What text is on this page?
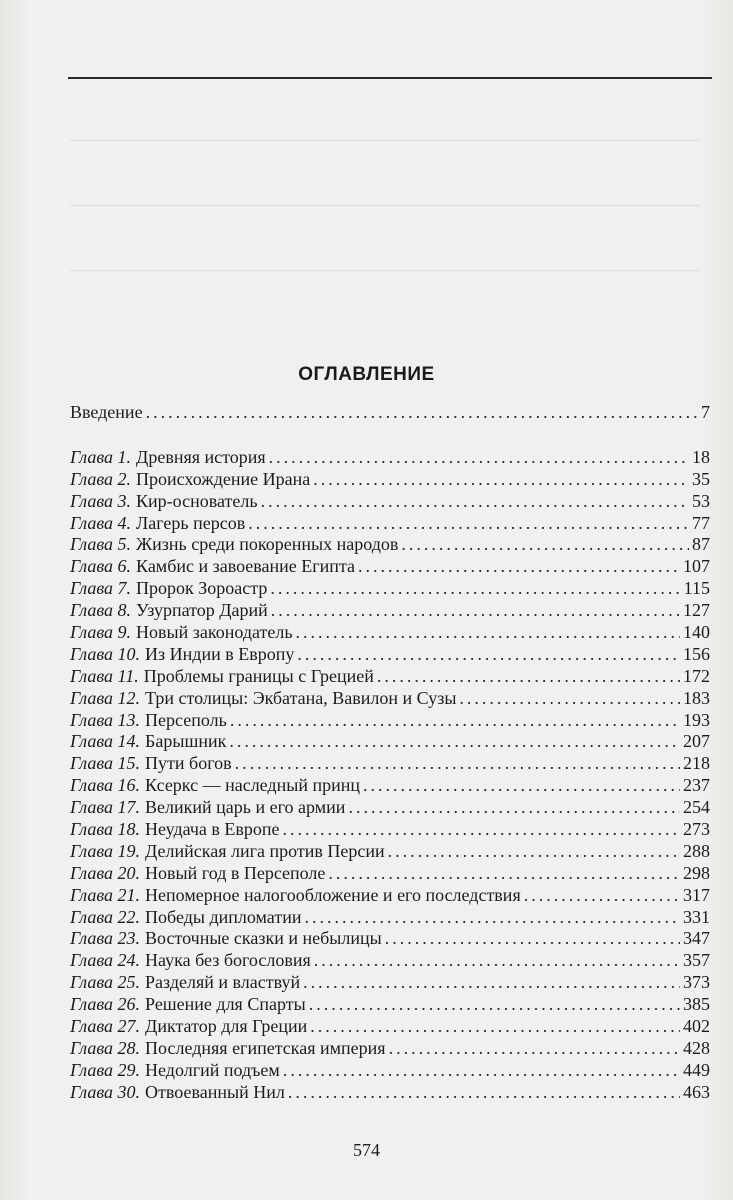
ОГЛАВЛЕНИЕ
Введение . . .	7
Глава 1. Древняя история . . .	18
Глава 2. Происхождение Ирана . . .	35
Глава 3. Кир-основатель . . .	53
Глава 4. Лагерь персов . . .	77
Глава 5. Жизнь среди покоренных народов . . .	87
Глава 6. Камбис и завоевание Египта . . .	107
Глава 7. Пророк Зороастр . . .	115
Глава 8. Узурпатор Дарий . . .	127
Глава 9. Новый законодатель . . .	140
Глава 10. Из Индии в Европу . . .	156
Глава 11. Проблемы границы с Грецией . . .	172
Глава 12. Три столицы: Экбатана, Вавилон и Сузы . . .	183
Глава 13. Персеполь . . .	193
Глава 14. Барышник . . .	207
Глава 15. Пути богов . . .	218
Глава 16. Ксеркс — наследный принц . . .	237
Глава 17. Великий царь и его армии . . .	254
Глава 18. Неудача в Европе . . .	273
Глава 19. Делийская лига против Персии . . .	288
Глава 20. Новый год в Персеполе . . .	298
Глава 21. Непомерное налогообложение и его последствия . . .	317
Глава 22. Победы дипломатии . . .	331
Глава 23. Восточные сказки и небылицы . . .	347
Глава 24. Наука без богословия . . .	357
Глава 25. Разделяй и властвуй . . .	373
Глава 26. Решение для Спарты . . .	385
Глава 27. Диктатор для Греции . . .	402
Глава 28. Последняя египетская империя . . .	428
Глава 29. Недолгий подъем . . .	449
Глава 30. Отвоеванный Нил . . .	463
574
